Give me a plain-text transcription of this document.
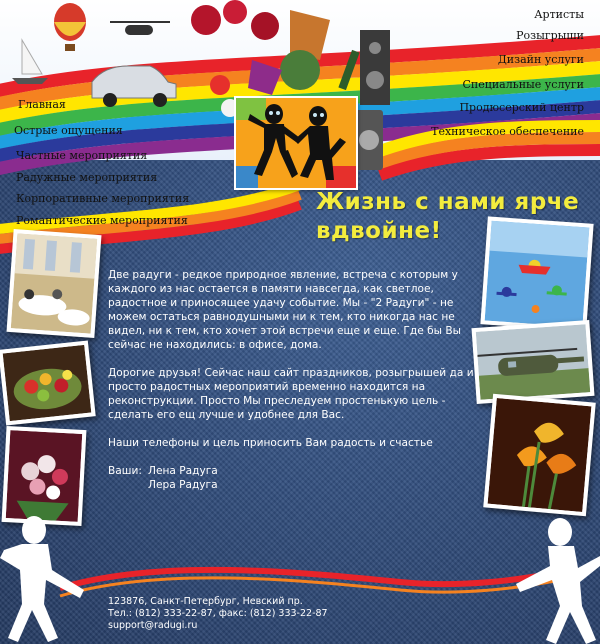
Главная
Острые ощущения
Частные мероприятия
Радужные мероприятия
Корпоративные мероприятия
Романтические мероприятия
Артисты
Розыгрыши
Дизайн услуги
Специальные услуги
Продюсерский центр
Техническое обеспечение
Жизнь с нами ярче
вдвойне!

Две радуги - редкое природное явление, встреча с которым у каждого из нас остается в памяти навсегда, как светлое, радостное и приносящее удачу событие. Мы - "2 Радуги" - не можем остаться равнодушными ни к тем, кто никогда нас не видел, ни к тем, кто хочет этой встречи еще и еще. Где бы Вы сейчас не находились: в офисе, дома.

Дорогие друзья! Сейчас наш сайт праздников, розыгрышей да и просто радостных мероприятий временно находится на реконструкции. Просто Мы преследуем простенькую цель - сделать его ещ лучше и удобнее для Вас.

Наши телефоны и цель приносить Вам радость и счастье

Ваши: Лена Радуга
Лера Радуга
123876, Санкт-Петербург, Невский пр.
Тел.: (812) 333-22-87, факс: (812) 333-22-87
support@radugi.ru
